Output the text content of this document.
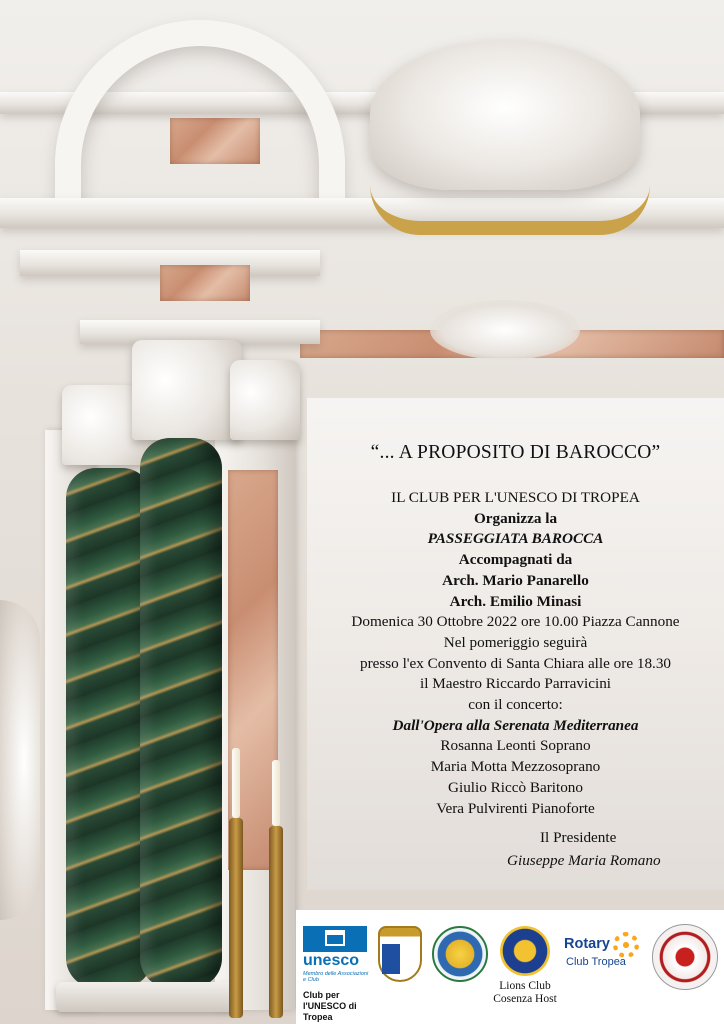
“... A PROPOSITO DI BAROCCO”
IL CLUB PER L'UNESCO DI TROPEA
Organizza la
PASSEGGIATA BAROCCA
Accompagnati da
Arch. Mario Panarello
Arch. Emilio Minasi
Domenica 30 Ottobre 2022 ore 10.00 Piazza Cannone
Nel pomeriggio seguirà
presso l'ex Convento di Santa Chiara alle ore 18.30
il Maestro Riccardo Parravicini
con il concerto:
Dall'Opera alla Serenata Mediterranea
Rosanna Leonti Soprano
Maria Motta Mezzosoprano
Giulio Riccò Baritono
Vera Pulvirenti Pianoforte
Il Presidente
Giuseppe Maria Romano
unesco
Membro delle Associazioni e Club
Club per l'UNESCO di Tropea
Lions Club Cosenza Host
Rotary
Club Tropea
